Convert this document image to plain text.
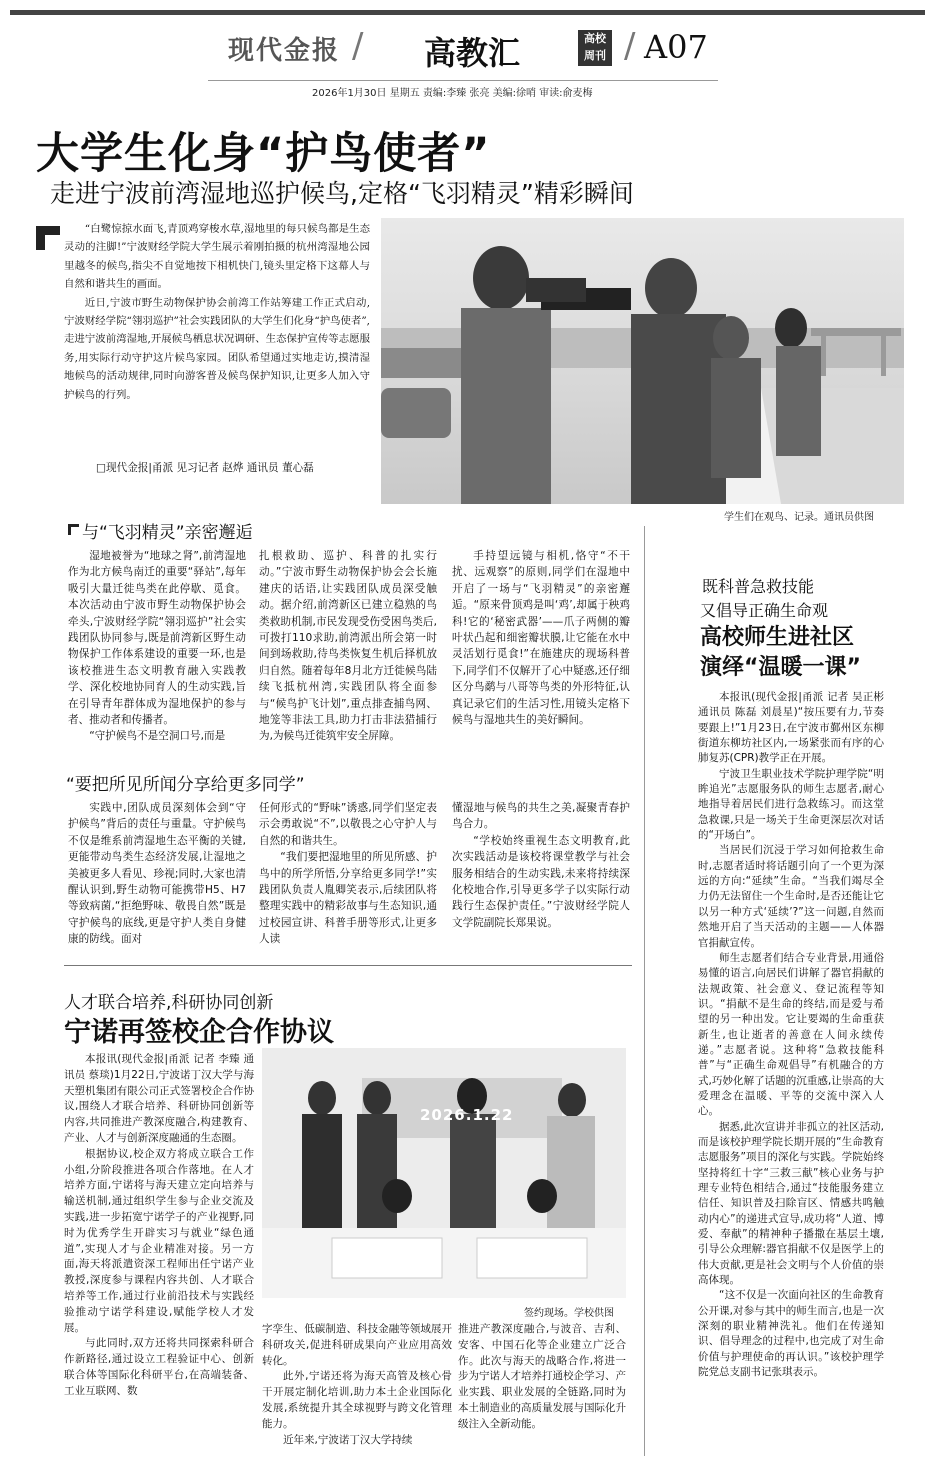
现代金报 / 高教汇	高校
周刊 / A07
2026年1月30日 星期五 责编:李臻 张亮 美编:徐哨 审读:俞麦梅
大学生化身“护鸟使者”
走进宁波前湾湿地巡护候鸟,定格“飞羽精灵”精彩瞬间

“白鹭惊掠水面飞,青顶鸡穿梭水草,湿地里的每只候鸟都是生态灵动的注脚!”宁波财经学院大学生展示着刚拍摄的杭州湾湿地公园里越冬的候鸟,指尖不自觉地按下相机快门,镜头里定格下这幕人与自然和谐共生的画面。

近日,宁波市野生动物保护协会前湾工作站筹建工作正式启动,宁波财经学院“翎羽巡护”社会实践团队的大学生们化身“护鸟使者”,走进宁波前湾湿地,开展候鸟栖息状况调研、生态保护宣传等志愿服务,用实际行动守护这片候鸟家园。团队希望通过实地走访,摸清湿地候鸟的活动规律,同时向游客普及候鸟保护知识,让更多人加入守护候鸟的行列。

□现代金报|甬派 见习记者 赵烨 通讯员 董心磊
学生们在观鸟、记录。通讯员供图
与“飞羽精灵”亲密邂逅

湿地被誉为“地球之肾”,前湾湿地作为北方候鸟南迁的重要“驿站”,每年吸引大量迁徙鸟类在此停歇、觅食。本次活动由宁波市野生动物保护协会牵头,宁波财经学院“翎羽巡护”社会实践团队协同参与,既是前湾新区野生动物保护工作体系建设的重要一环,也是该校推进生态文明教育融入实践教学、深化校地协同育人的生动实践,旨在引导青年群体成为湿地保护的参与者、推动者和传播者。

“守护候鸟不是空洞口号,而是

扎根救助、巡护、科普的扎实行动。”宁波市野生动物保护协会会长施建庆的话语,让实践团队成员深受触动。据介绍,前湾新区已建立稳熟的鸟类救助机制,市民发现受伤受困鸟类后,可拨打110求助,前湾派出所会第一时间到场救助,待鸟类恢复生机后择机放归自然。随着每年8月北方迁徙候鸟陆续飞抵杭州湾,实践团队将全面参与“候鸟护飞计划”,重点排查捕鸟网、地笼等非法工具,助力打击非法猎捕行为,为候鸟迁徙筑牢安全屏障。

手持望远镜与相机,恪守“不干扰、远观察”的原则,同学们在湿地中开启了一场与“飞羽精灵”的亲密邂逅。“原来骨顶鸡是叫‘鸡’,却属于秧鸡科!它的‘秘密武器’——爪子两侧的瓣叶状凸起和细密瓣状膜,让它能在水中灵活划行觅食!”在施建庆的现场科普下,同学们不仅解开了心中疑惑,还仔细区分鸟鹬与八哥等鸟类的外形特征,认真记录它们的生活习性,用镜头定格下候鸟与湿地共生的美好瞬间。

“要把所见所闻分享给更多同学”

实践中,团队成员深刻体会到“守护候鸟”背后的责任与重量。守护候鸟不仅是维系前湾湿地生态平衡的关键,更能带动鸟类生态经济发展,让湿地之美被更多人看见、珍视;同时,大家也清醒认识到,野生动物可能携带H5、H7等致病菌,“拒绝野味、敬畏自然”既是守护候鸟的底线,更是守护人类自身健康的防线。面对

任何形式的“野味”诱惑,同学们坚定表示会勇敢说“不”,以敬畏之心守护人与自然的和谐共生。

“我们要把湿地里的所见所感、护鸟中的所学所悟,分享给更多同学!”实践团队负责人胤卿笑表示,后续团队将整理实践中的精彩故事与生态知识,通过校园宣讲、科普手册等形式,让更多人读

懂湿地与候鸟的共生之美,凝聚青春护鸟合力。

“学校始终重视生态文明教育,此次实践活动是该校将课堂教学与社会服务相结合的生动实践,未来将持续深化校地合作,引导更多学子以实际行动践行生态保护责任。”宁波财经学院人文学院副院长郑果说。

既科普急救技能
又倡导正确生命观
高校师生进社区
演绎“温暖一课”

本报讯(现代金报|甬派 记者 吴正彬 通讯员 陈磊 刘晨星)“按压要有力,节奏要跟上!”1月23日,在宁波市鄞州区东柳街道东柳坊社区内,一场紧张而有序的心肺复苏(CPR)教学正在开展。

宁波卫生职业技术学院护理学院“明眸追光”志愿服务队的师生志愿者,耐心地指导着居民们进行急救练习。而这堂急救课,只是一场关于生命更深层次对话的“开场白”。

当居民们沉浸于学习如何抢救生命时,志愿者适时将话题引向了一个更为深远的方向:“延续”生命。“当我们竭尽全力仍无法留住一个生命时,是否还能让它以另一种方式‘延续’?”这一问题,自然而然地开启了当天活动的主题——人体器官捐献宣传。

师生志愿者们结合专业背景,用通俗易懂的语言,向居民们讲解了器官捐献的法规政策、社会意义、登记流程等知识。“捐献不是生命的终结,而是爱与希望的另一种出发。它让要竭的生命重获新生,也让逝者的善意在人间永续传递。”志愿者说。这种将“急救技能科普”与“正确生命观倡导”有机融合的方式,巧妙化解了话题的沉重感,让崇高的大爱理念在温暖、平等的交流中深入人心。

据悉,此次宣讲并非孤立的社区活动,而是该校护理学院长期开展的“生命教育志愿服务”项目的深化与实践。学院始终坚持将红十字“三救三献”核心业务与护理专业特色相结合,通过“技能服务建立信任、知识普及扫除盲区、情感共鸣触动内心”的递进式宣导,成功将“人道、博爱、奉献”的精神种子播撒在基层土壤,引导公众理解:器官捐献不仅是医学上的伟大贡献,更是社会文明与个人价值的崇高体现。

“这不仅是一次面向社区的生命教育公开课,对参与其中的师生而言,也是一次深刻的职业精神洗礼。他们在传递知识、倡导理念的过程中,也完成了对生命价值与护理使命的再认识。”该校护理学院党总支副书记张琪表示。

人才联合培养,科研协同创新
宁诺再签校企合作协议

本报讯(现代金报|甬派 记者 李臻 通讯员 蔡琰)1月22日,宁波诺丁汉大学与海天塑机集团有限公司正式签署校企合作协议,围绕人才联合培养、科研协同创新等内容,共同推进产教深度融合,构建教育、产业、人才与创新深度融通的生态圈。

根据协议,校企双方将成立联合工作小组,分阶段推进各项合作落地。在人才培养方面,宁诺将与海天建立定向培养与输送机制,通过组织学生参与企业交流及实践,进一步拓宽宁诺学子的产业视野,同时为优秀学生开辟实习与就业“绿色通道”,实现人才与企业精准对接。另一方面,海天将派遣资深工程师出任宁诺产业教授,深度参与课程内容共创、人才联合培养等工作,通过行业前沿技术与实践经验推动宁诺学科建设,赋能学校人才发展。

与此同时,双方还将共同探索科研合作新路径,通过设立工程验证中心、创新联合体等国际化科研平台,在高端装备、工业互联网、数

2026.1.22
签约现场。学校供图

字孪生、低碳制造、科技金融等领域展开科研攻关,促进科研成果向产业应用高效转化。

此外,宁诺还将为海天高管及核心骨干开展定制化培训,助力本土企业国际化发展,系统提升其全球视野与跨文化管理能力。

近年来,宁波诺丁汉大学持续

推进产教深度融合,与波音、吉利、安客、中国石化等企业建立广泛合作。此次与海天的战略合作,将进一步为宁诺人才培养打通校企学习、产业实践、职业发展的全链路,同时为本土制造业的高质量发展与国际化升级注入全新动能。
